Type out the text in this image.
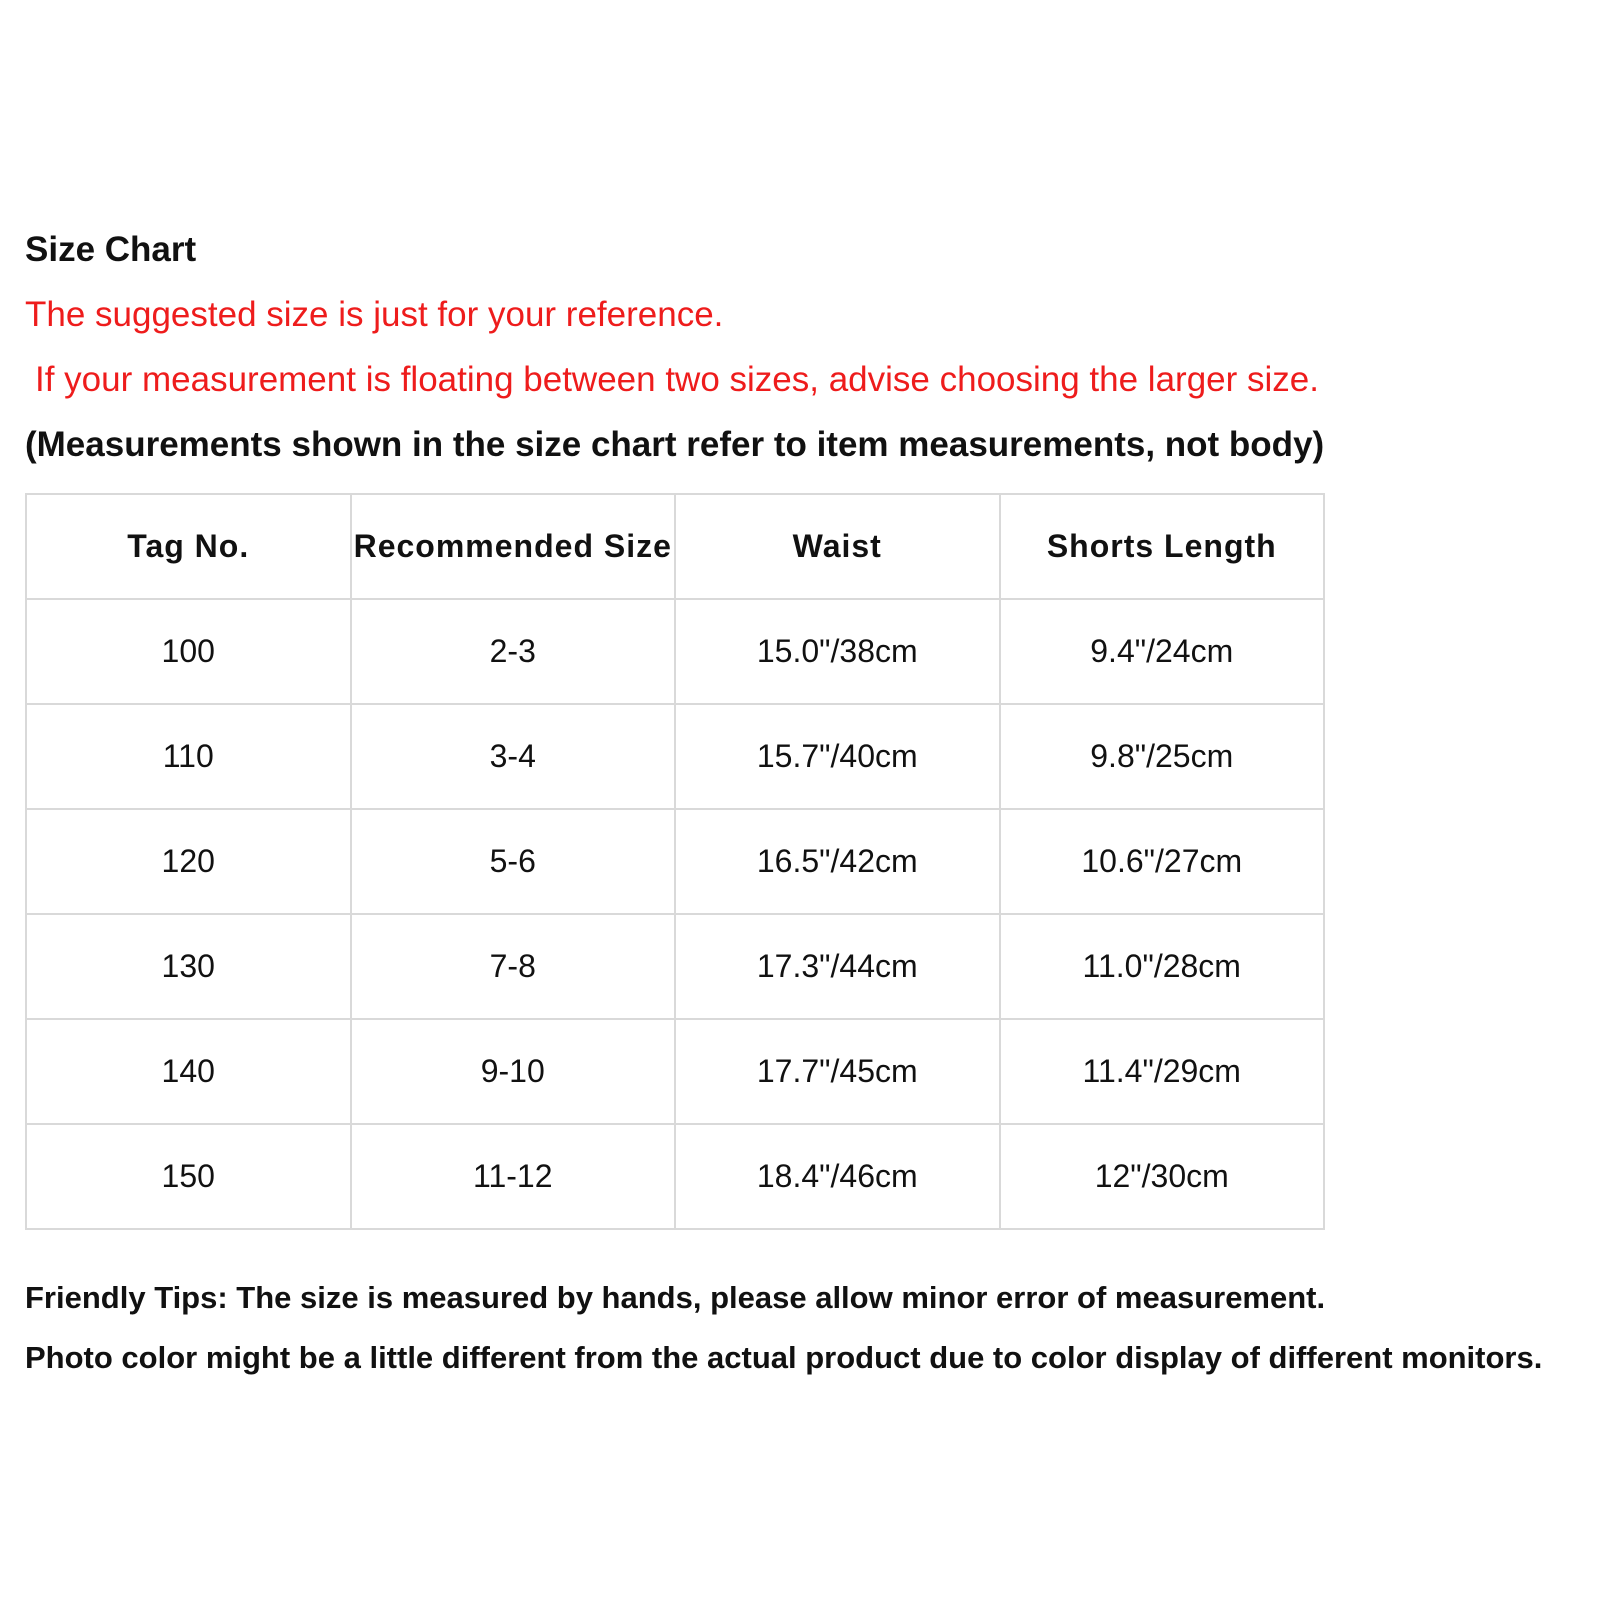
Size Chart
The suggested size is just for your reference.
If your measurement is floating between two sizes, advise choosing the larger size.
(Measurements shown in the size chart refer to item measurements, not body)
Tag No.	Recommended Size	Waist	Shorts Length
100	2-3	15.0"/38cm	9.4"/24cm
110	3-4	15.7"/40cm	9.8"/25cm
120	5-6	16.5"/42cm	10.6"/27cm
130	7-8	17.3"/44cm	11.0"/28cm
140	9-10	17.7"/45cm	11.4"/29cm
150	11-12	18.4"/46cm	12"/30cm
Friendly Tips: The size is measured by hands, please allow minor error of measurement.
Photo color might be a little different from the actual product due to color display of different monitors.
